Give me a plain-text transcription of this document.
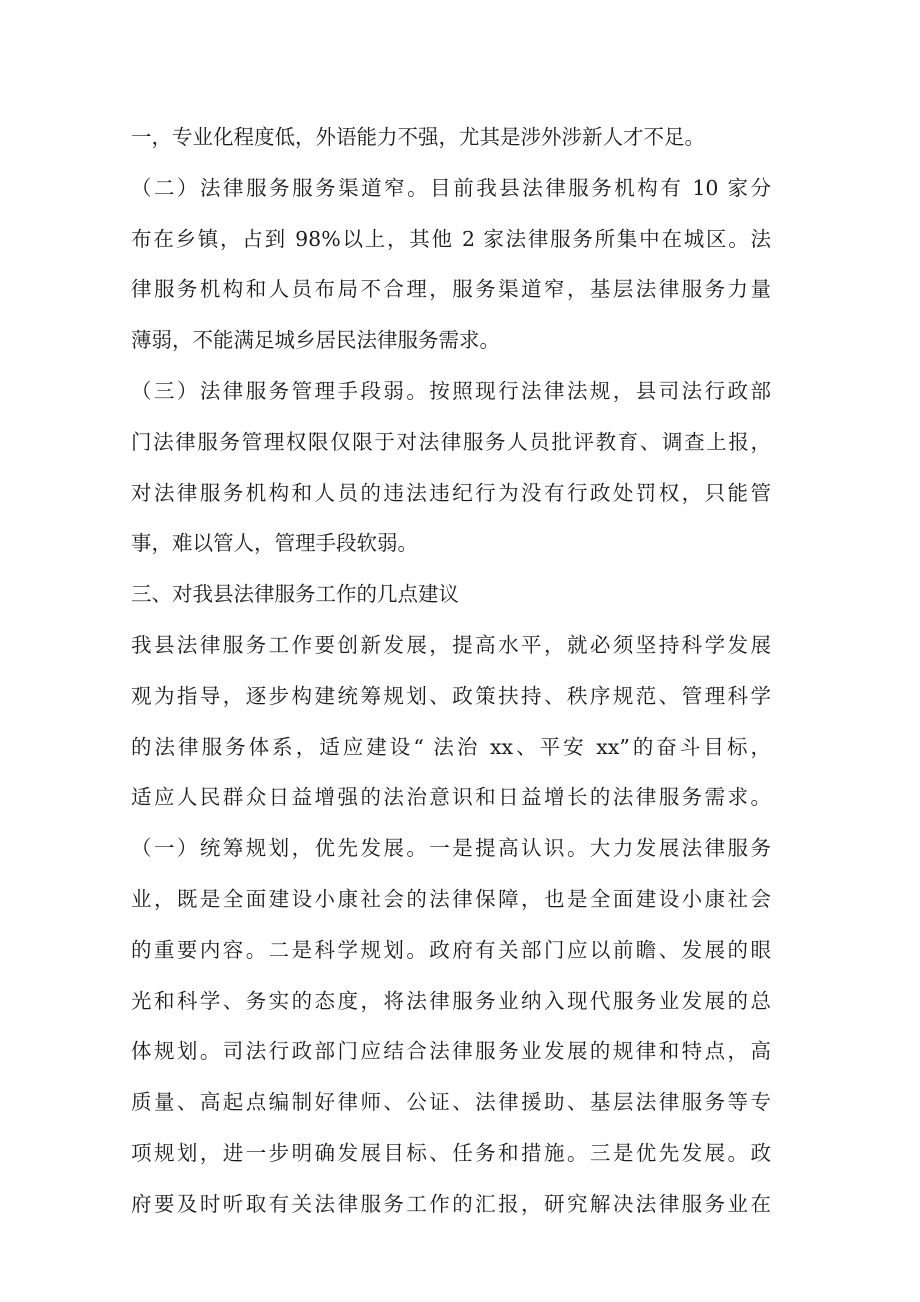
一，专业化程度低，外语能力不强，尤其是涉外涉新人才不足。
（二）法律服务服务渠道窄。目前我县法律服务机构有 10 家分
布在乡镇，占到 98%以上，其他 2 家法律服务所集中在城区。法
律服务机构和人员布局不合理，服务渠道窄，基层法律服务力量
薄弱，不能满足城乡居民法律服务需求。
（三）法律服务管理手段弱。按照现行法律法规，县司法行政部
门法律服务管理权限仅限于对法律服务人员批评教育、调查上报，
对法律服务机构和人员的违法违纪行为没有行政处罚权，只能管
事，难以管人，管理手段软弱。
三、对我县法律服务工作的几点建议
我县法律服务工作要创新发展，提高水平，就必须坚持科学发展
观为指导，逐步构建统筹规划、政策扶持、秩序规范、管理科学
的法律服务体系，适应建设“ 法治 xx、平安 xx”的奋斗目标，
适应人民群众日益增强的法治意识和日益增长的法律服务需求。
（一）统筹规划，优先发展。一是提高认识。大力发展法律服务
业，既是全面建设小康社会的法律保障，也是全面建设小康社会
的重要内容。二是科学规划。政府有关部门应以前瞻、发展的眼
光和科学、务实的态度，将法律服务业纳入现代服务业发展的总
体规划。司法行政部门应结合法律服务业发展的规律和特点，高
质量、高起点编制好律师、公证、法律援助、基层法律服务等专
项规划，进一步明确发展目标、任务和措施。三是优先发展。政
府要及时听取有关法律服务工作的汇报，研究解决法律服务业在
